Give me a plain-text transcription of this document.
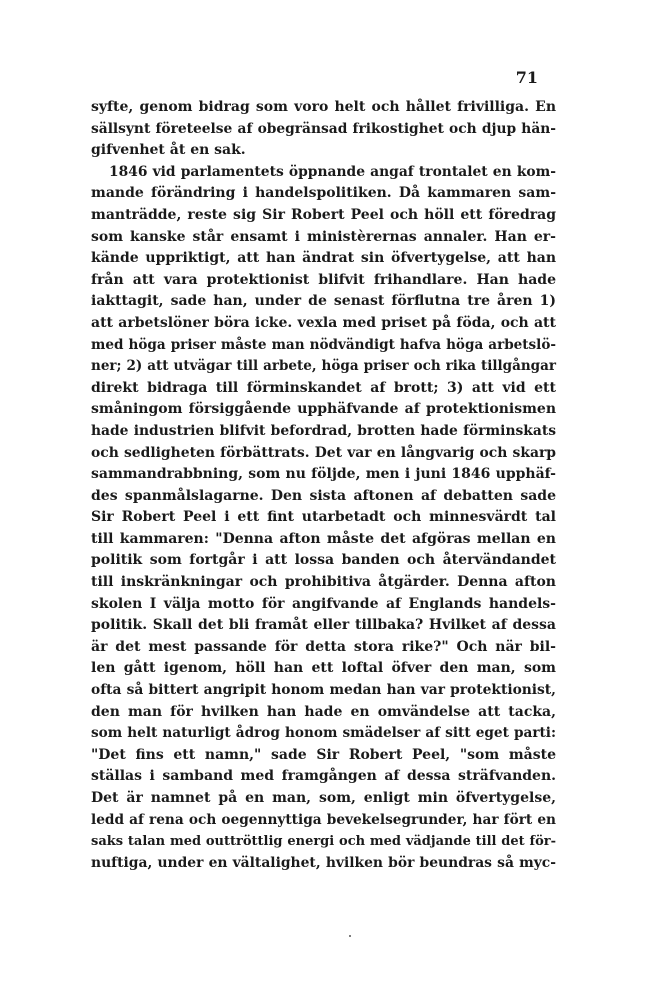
71
syfte, genom bidrag som voro helt och hållet frivilliga. En
sällsynt företeelse af obegränsad frikostighet och djup hän-
gifvenhet åt en sak.
1846 vid parlamentets öppnande angaf trontalet en kom-
mande förändring i handelspolitiken. Då kammaren sam-
manträdde, reste sig Sir Robert Peel och höll ett föredrag
som kanske står ensamt i ministèrernas annaler. Han er-
kände uppriktigt, att han ändrat sin öfvertygelse, att han
från att vara protektionist blifvit frihandlare. Han hade
iakttagit, sade han, under de senast förflutna tre åren 1)
att arbetslöner böra icke. vexla med priset på föda, och att
med höga priser måste man nödvändigt hafva höga arbetslö-
ner; 2) att utvägar till arbete, höga priser och rika tillgångar
direkt bidraga till förminskandet af brott; 3) att vid ett
småningom försiggående upphäfvande af protektionismen
hade industrien blifvit befordrad, brotten hade förminskats
och sedligheten förbättrats. Det var en långvarig och skarp
sammandrabbning, som nu följde, men i juni 1846 upphäf-
des spanmålslagarne. Den sista aftonen af debatten sade
Sir Robert Peel i ett fint utarbetadt och minnesvärdt tal
till kammaren: "Denna afton måste det afgöras mellan en
politik som fortgår i att lossa banden och återvändandet
till inskränkningar och prohibitiva åtgärder. Denna afton
skolen I välja motto för angifvande af Englands handels-
politik. Skall det bli framåt eller tillbaka? Hvilket af dessa
är det mest passande för detta stora rike?" Och när bil-
len gått igenom, höll han ett loftal öfver den man, som
ofta så bittert angripit honom medan han var protektionist,
den man för hvilken han hade en omvändelse att tacka,
som helt naturligt ådrog honom smädelser af sitt eget parti:
"Det fins ett namn," sade Sir Robert Peel, "som måste
ställas i samband med framgången af dessa sträfvanden.
Det är namnet på en man, som, enligt min öfvertygelse,
ledd af rena och oegennyttiga bevekelsegrunder, har fört en
saks talan med outtröttlig energi och med vädjande till det för-
nuftiga, under en vältalighet, hvilken bör beundras så myc-
